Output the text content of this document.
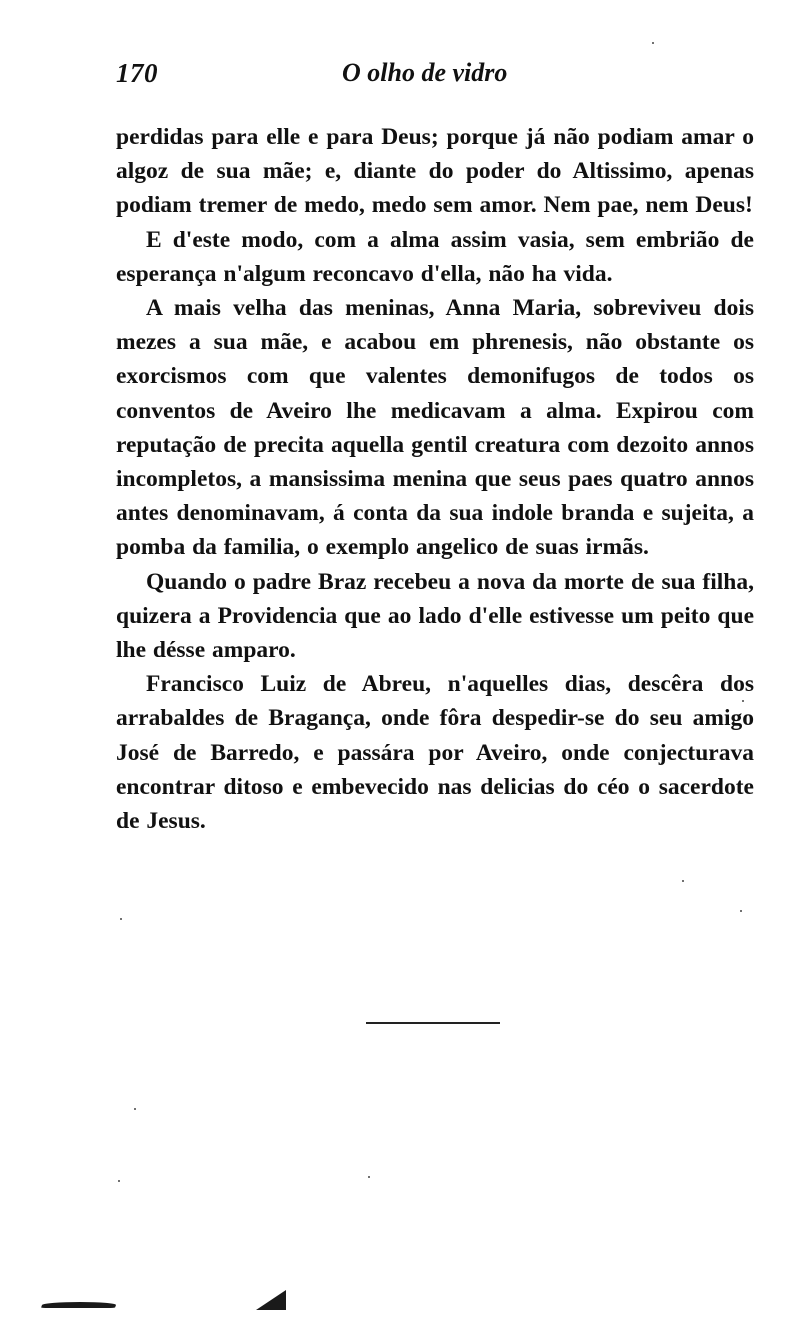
170	O olho de vidro

perdidas para elle e para Deus; porque já não podiam amar o algoz de sua mãe; e, diante do poder do Altissimo, apenas podiam tremer de medo, medo sem amor. Nem pae, nem Deus!

E d'este modo, com a alma assim vasia, sem embrião de esperança n'algum reconcavo d'ella, não ha vida.

A mais velha das meninas, Anna Maria, sobreviveu dois mezes a sua mãe, e acabou em phrenesis, não obstante os exorcismos com que valentes demonifugos de todos os conventos de Aveiro lhe medicavam a alma. Expirou com reputação de precita aquella gentil creatura com dezoito annos incompletos, a mansissima menina que seus paes quatro annos antes denominavam, á conta da sua indole branda e sujeita, a pomba da familia, o exemplo angelico de suas irmãs.

Quando o padre Braz recebeu a nova da morte de sua filha, quizera a Providencia que ao lado d'elle estivesse um peito que lhe désse amparo.

Francisco Luiz de Abreu, n'aquelles dias, descêra dos arrabaldes de Bragança, onde fôra despedir-se do seu amigo José de Barredo, e passára por Aveiro, onde conjecturava encontrar ditoso e embevecido nas delicias do céo o sacerdote de Jesus.
